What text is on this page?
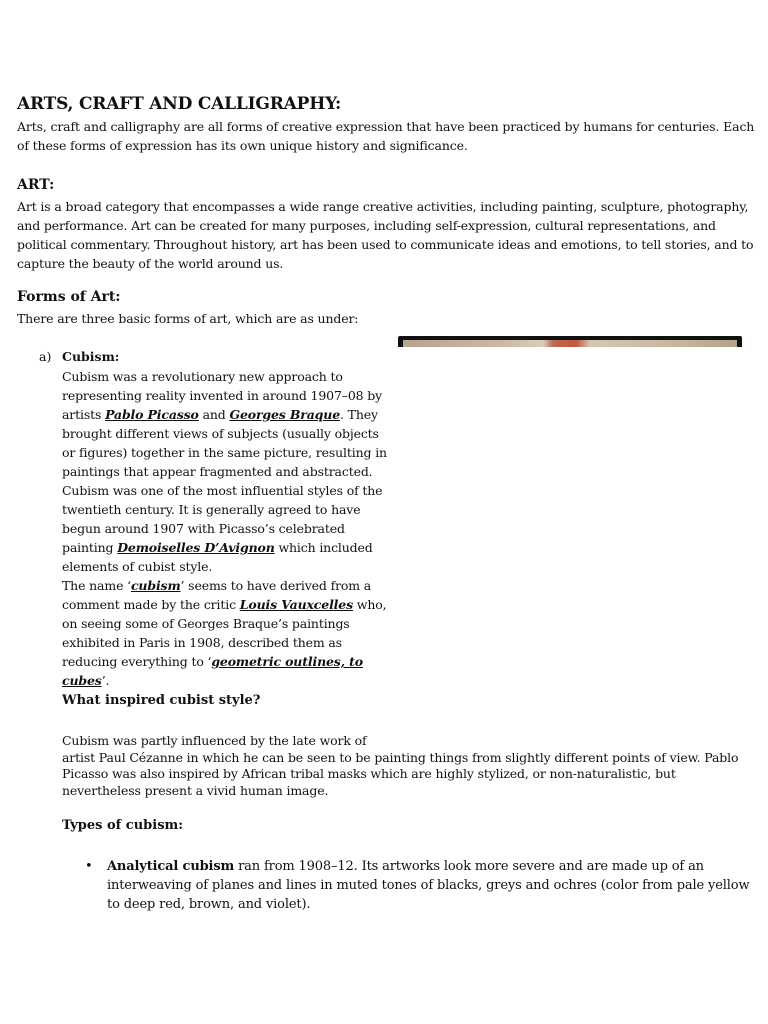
ARTS, CRAFT AND CALLIGRAPHY:

Arts, craft and calligraphy are all forms of creative expression that have been practiced by humans for centuries. Each of these forms of expression has its own unique history and significance.

ART:

Art is a broad category that encompasses a wide range creative activities, including painting, sculpture, photography, and performance. Art can be created for many purposes, including self-expression, cultural representations, and political commentary. Throughout history, art has been used to communicate ideas and emotions, to tell stories, and to capture the beauty of the world around us.

Forms of Art:

There are three basic forms of art, which are as under:

a) Cubism:
Cubism was a revolutionary new approach to representing reality invented in around 1907–08 by artists Pablo Picasso and Georges Braque. They brought different views of subjects (usually objects or figures) together in the same picture, resulting in paintings that appear fragmented and abstracted. Cubism was one of the most influential styles of the twentieth century. It is generally agreed to have begun around 1907 with Picasso’s celebrated painting Demoiselles D’Avignon which included elements of cubist style.
The name ‘cubism’ seems to have derived from a comment made by the critic Louis Vauxcelles who, on seeing some of Georges Braque’s paintings exhibited in Paris in 1908, described them as reducing everything to ‘geometric outlines, to cubes’.
What inspired cubist style?

Cubism was partly influenced by the late work of
artist Paul Cézanne in which he can be seen to be painting things from slightly different points of view. Pablo Picasso was also inspired by African tribal masks which are highly stylized, or non-naturalistic, but nevertheless present a vivid human image.

Types of cubism:
• Analytical cubism ran from 1908–12. Its artworks look more severe and are made up of an interweaving of planes and lines in muted tones of blacks, greys and ochres (color from pale yellow to deep red, brown, and violet).
